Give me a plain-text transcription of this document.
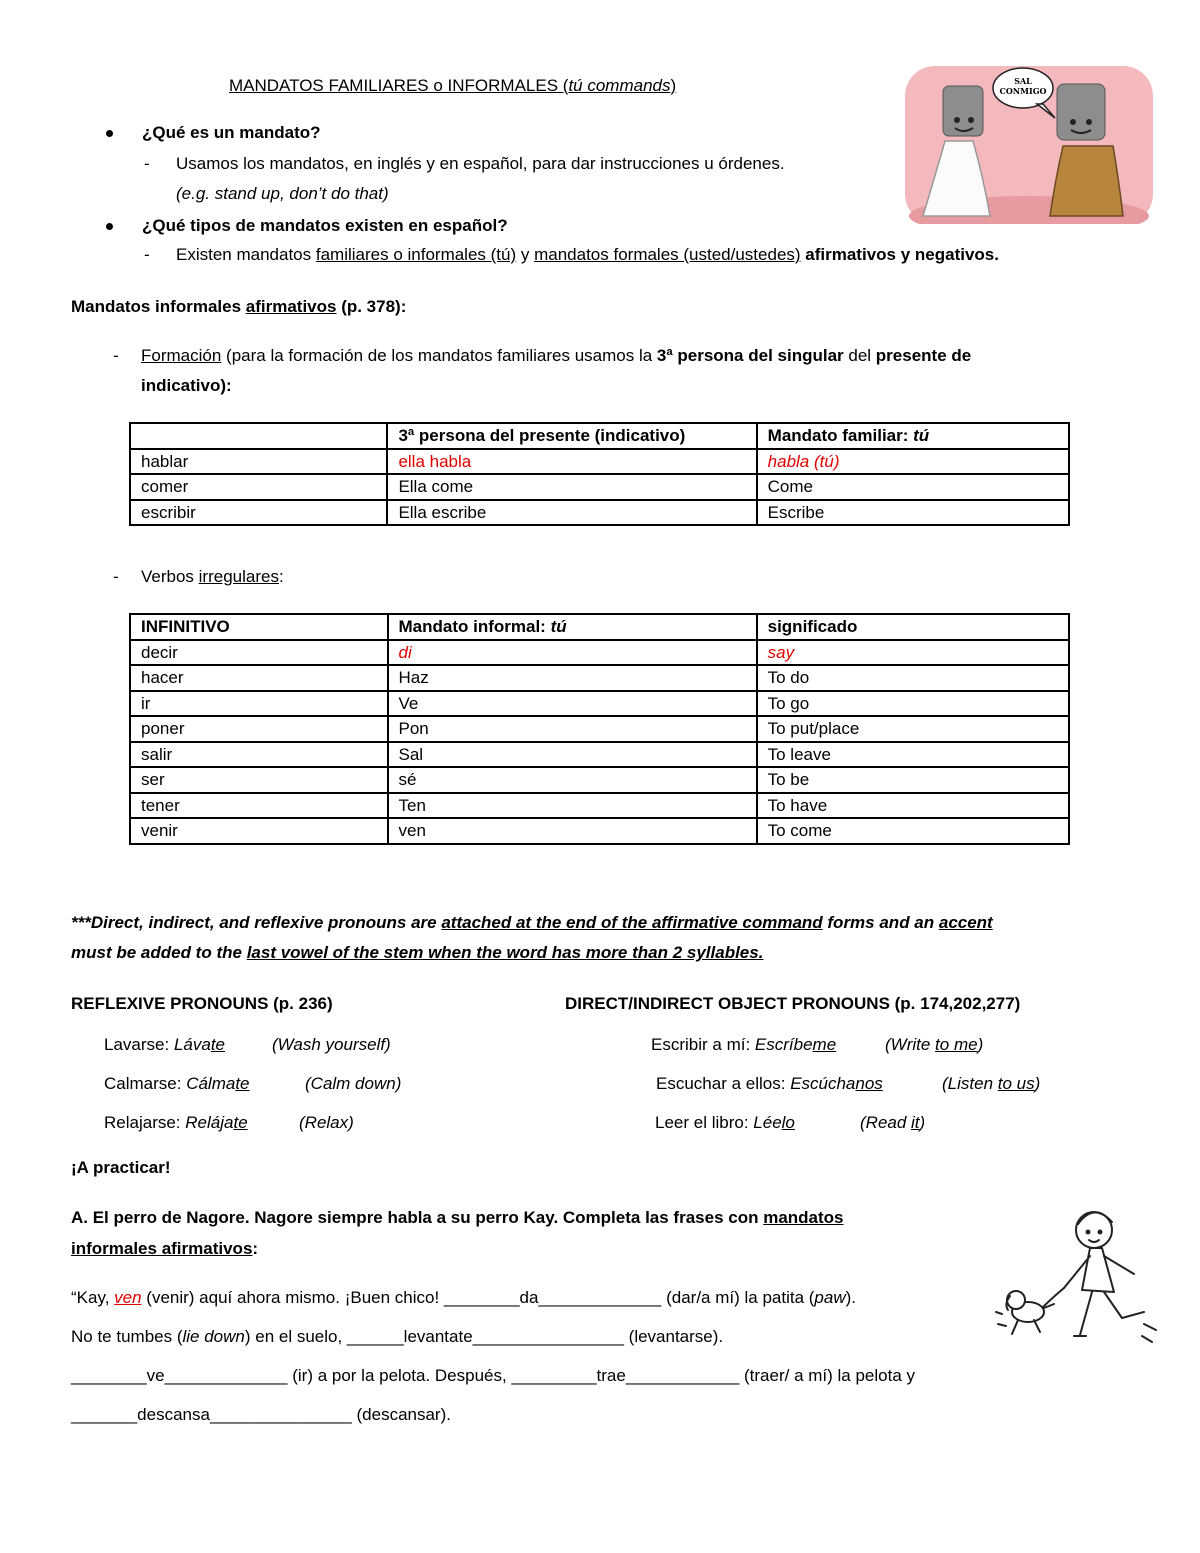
MANDATOS FAMILIARES o INFORMALES (tú commands)	SAL
CONMIGO
¿Qué es un mandato?
- Usamos los mandatos, en inglés y en español, para dar instrucciones u órdenes.
(e.g. stand up, don’t do that)
¿Qué tipos de mandatos existen en español?
- Existen mandatos familiares o informales (tú) y mandatos formales (usted/ustedes) afirmativos y negativos.
Mandatos informales afirmativos (p. 378):
- Formación (para la formación de los mandatos familiares usamos la 3ª persona del singular del presente de
indicativo):
	3ª persona del presente (indicativo)	Mandato familiar: tú
hablar	ella habla	habla (tú)
comer	Ella come	Come
escribir	Ella escribe	Escribe
- Verbos irregulares:
INFINITIVO	Mandato informal: tú	significado
decir	di	say
hacer	Haz	To do
ir	Ve	To go
poner	Pon	To put/place
salir	Sal	To leave
ser	sé	To be
tener	Ten	To have
venir	ven	To come
***Direct, indirect, and reflexive pronouns are attached at the end of the affirmative command forms and an accent
must be added to the last vowel of the stem when the word has more than 2 syllables.
REFLEXIVE PRONOUNS (p. 236)	DIRECT/INDIRECT OBJECT PRONOUNS (p. 174,202,277)
Lavarse: Lávate	(Wash yourself)
Calmarse: Cálmate	(Calm down)
Relajarse: Relájate	(Relax)
Escribir a mí: Escríbeme	(Write to me)
Escuchar a ellos: Escúchanos	(Listen to us)
Leer el libro: Léelo	(Read it)
¡A practicar!
A. El perro de Nagore. Nagore siempre habla a su perro Kay. Completa las frases con mandatos
informales afirmativos:
“Kay, ven (venir) aquí ahora mismo. ¡Buen chico! ________da_____________ (dar/a mí) la patita (paw).
No te tumbes (lie down) en el suelo, ______levantate________________ (levantarse).
________ve_____________ (ir) a por la pelota. Después, _________trae____________ (traer/ a mí) la pelota y
_______descansa_______________ (descansar).
